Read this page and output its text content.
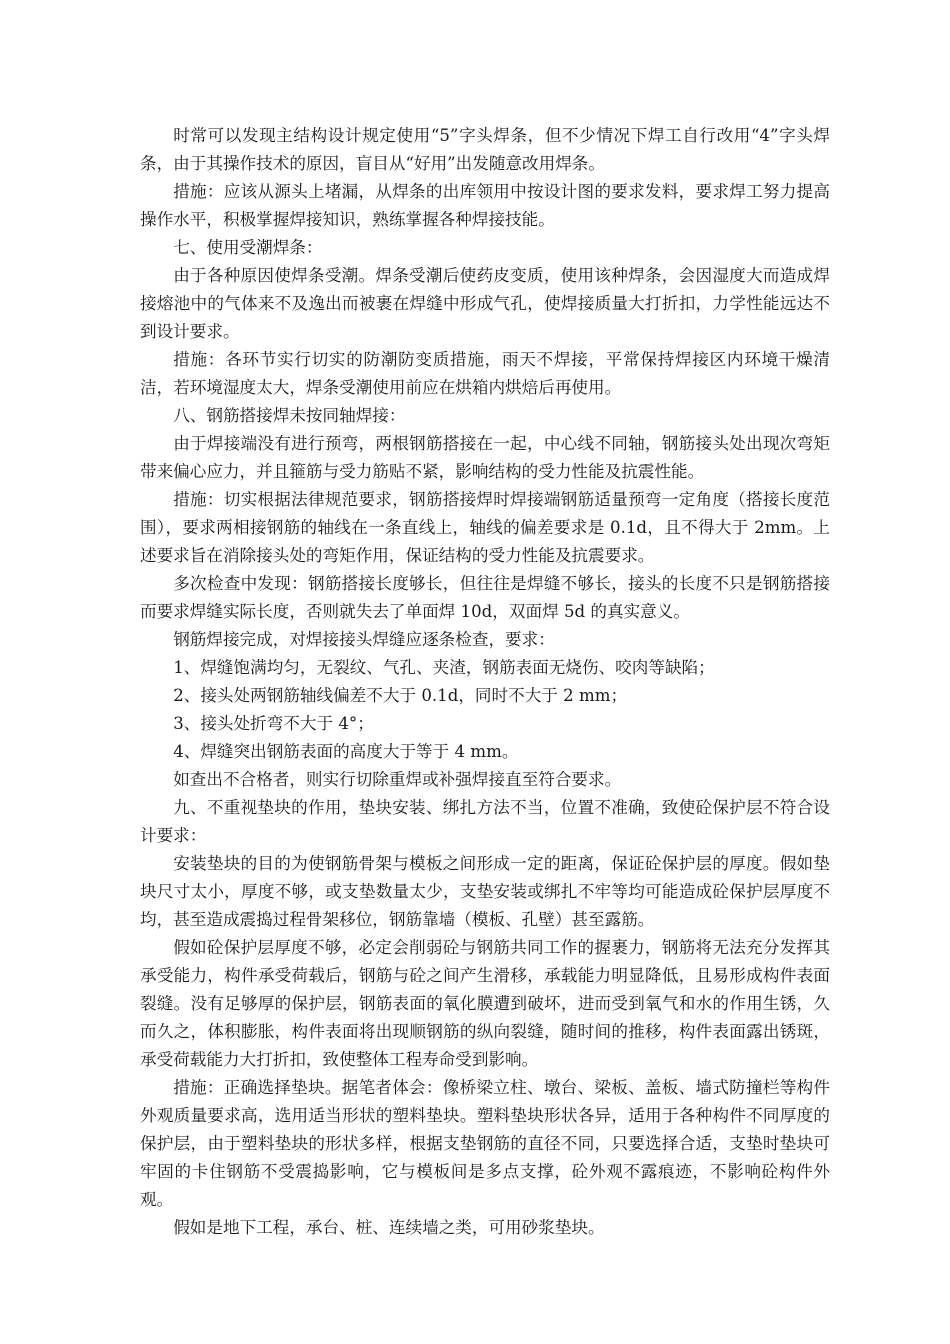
时常可以发现主结构设计规定使用“5”字头焊条，但不少情况下焊工自行改用“4”字头焊条，由于其操作技术的原因，盲目从“好用”出发随意改用焊条。

措施：应该从源头上堵漏，从焊条的出库领用中按设计图的要求发料，要求焊工努力提高操作水平，积极掌握焊接知识，熟练掌握各种焊接技能。

七、使用受潮焊条：

由于各种原因使焊条受潮。焊条受潮后使药皮变质，使用该种焊条，会因湿度大而造成焊接熔池中的气体来不及逸出而被裹在焊缝中形成气孔，使焊接质量大打折扣，力学性能远达不到设计要求。

措施：各环节实行切实的防潮防变质措施，雨天不焊接，平常保持焊接区内环境干燥清洁，若环境湿度太大，焊条受潮使用前应在烘箱内烘焙后再使用。

八、钢筋搭接焊未按同轴焊接：

由于焊接端没有进行预弯，两根钢筋搭接在一起，中心线不同轴，钢筋接头处出现次弯矩带来偏心应力，并且箍筋与受力筋贴不紧，影响结构的受力性能及抗震性能。

措施：切实根据法律规范要求，钢筋搭接焊时焊接端钢筋适量预弯一定角度（搭接长度范围），要求两相接钢筋的轴线在一条直线上，轴线的偏差要求是 0.1d，且不得大于 2mm。上述要求旨在消除接头处的弯矩作用，保证结构的受力性能及抗震要求。

多次检查中发现：钢筋搭接长度够长，但往往是焊缝不够长，接头的长度不只是钢筋搭接而要求焊缝实际长度，否则就失去了单面焊 10d，双面焊 5d 的真实意义。

钢筋焊接完成，对焊接接头焊缝应逐条检查，要求：

1、焊缝饱满均匀，无裂纹、气孔、夹渣，钢筋表面无烧伤、咬肉等缺陷；

2、接头处两钢筋轴线偏差不大于 0.1d，同时不大于 2 mm；

3、接头处折弯不大于 4°；

4、焊缝突出钢筋表面的高度大于等于 4 mm。

如查出不合格者，则实行切除重焊或补强焊接直至符合要求。

九、不重视垫块的作用，垫块安装、绑扎方法不当，位置不准确，致使砼保护层不符合设计要求：

安装垫块的目的为使钢筋骨架与模板之间形成一定的距离，保证砼保护层的厚度。假如垫块尺寸太小，厚度不够，或支垫数量太少，支垫安装或绑扎不牢等均可能造成砼保护层厚度不均，甚至造成震捣过程骨架移位，钢筋靠墙（模板、孔壁）甚至露筋。

假如砼保护层厚度不够，必定会削弱砼与钢筋共同工作的握裹力，钢筋将无法充分发挥其承受能力，构件承受荷载后，钢筋与砼之间产生滑移，承载能力明显降低，且易形成构件表面裂缝。没有足够厚的保护层，钢筋表面的氧化膜遭到破坏，进而受到氧气和水的作用生锈，久而久之，体积膨胀，构件表面将出现顺钢筋的纵向裂缝，随时间的推移，构件表面露出锈斑，承受荷载能力大打折扣，致使整体工程寿命受到影响。

措施：正确选择垫块。据笔者体会：像桥梁立柱、墩台、梁板、盖板、墙式防撞栏等构件外观质量要求高，选用适当形状的塑料垫块。塑料垫块形状各异，适用于各种构件不同厚度的保护层，由于塑料垫块的形状多样，根据支垫钢筋的直径不同，只要选择合适，支垫时垫块可牢固的卡住钢筋不受震捣影响，它与模板间是多点支撑，砼外观不露痕迹，不影响砼构件外观。

假如是地下工程，承台、桩、连续墙之类，可用砂浆垫块。
